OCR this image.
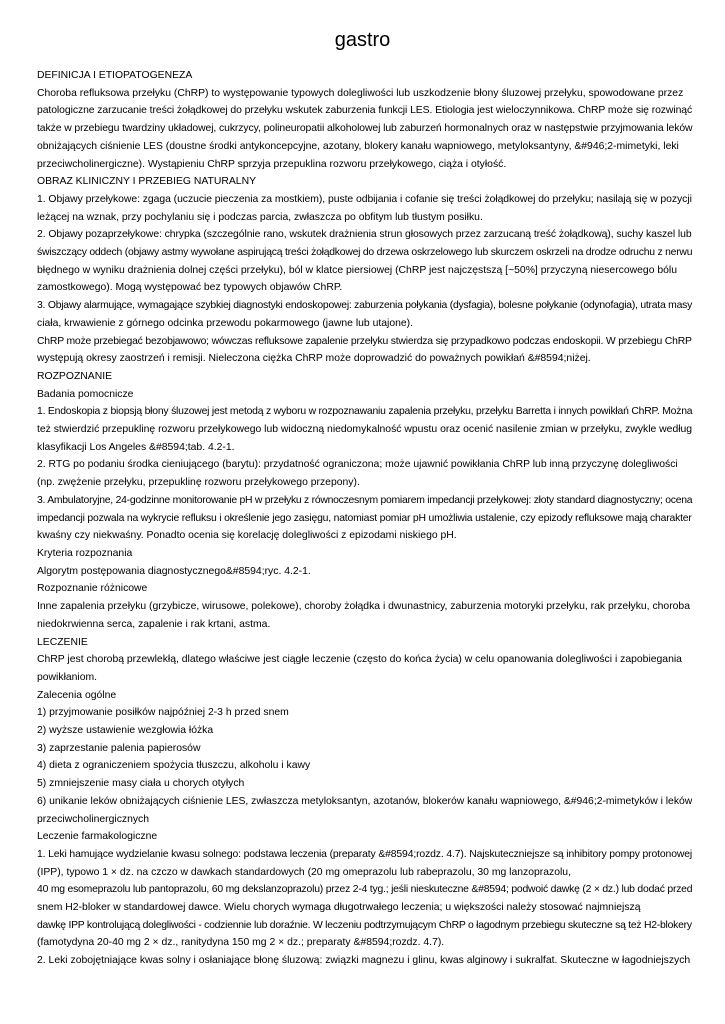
gastro

DEFINICJA I ETIOPATOGENEZA

Choroba refluksowa przełyku (ChRP) to występowanie typowych dolegliwości lub uszkodzenie błony śluzowej przełyku, spowodowane przez

patologiczne zarzucanie treści żołądkowej do przełyku wskutek zaburzenia funkcji LES. Etiologia jest wieloczynnikowa. ChRP może się rozwinąć

także w przebiegu twardziny układowej, cukrzycy, polineuropatii alkoholowej lub zaburzeń hormonalnych oraz w następstwie przyjmowania leków

obniżających ciśnienie LES (doustne środki antykoncepcyjne, azotany, blokery kanału wapniowego, metyloksantyny, &#946;2-mimetyki, leki

przeciwcholinergiczne). Wystąpieniu ChRP sprzyja przepuklina rozworu przełykowego, ciąża i otyłość.

OBRAZ KLINICZNY I PRZEBIEG NATURALNY

1. Objawy przełykowe: zgaga (uczucie pieczenia za mostkiem), puste odbijania i cofanie się treści żołądkowej do przełyku; nasilają się w pozycji

leżącej na wznak, przy pochylaniu się i podczas parcia, zwłaszcza po obfitym lub tłustym posiłku.

2. Objawy pozaprzełykowe: chrypka (szczególnie rano, wskutek drażnienia strun głosowych przez zarzucaną treść żołądkową), suchy kaszel lub

świszczący oddech (objawy astmy wywołane aspirującą treści żołądkowej do drzewa oskrzelowego lub skurczem oskrzeli na drodze odruchu z nerwu

błędnego w wyniku drażnienia dolnej części przełyku), ból w klatce piersiowej (ChRP jest najczęstszą [~50%] przyczyną niesercowego bólu

zamostkowego). Mogą występować bez typowych objawów ChRP.

3. Objawy alarmujące, wymagające szybkiej diagnostyki endoskopowej: zaburzenia połykania (dysfagia), bolesne połykanie (odynofagia), utrata masy

ciała, krwawienie z górnego odcinka przewodu pokarmowego (jawne lub utajone).

ChRP może przebiegać bezobjawowo; wówczas refluksowe zapalenie przełyku stwierdza się przypadkowo podczas endoskopii. W przebiegu ChRP

występują okresy zaostrzeń i remisji. Nieleczona ciężka ChRP może doprowadzić do poważnych powikłań &#8594;niżej.

ROZPOZNANIE

Badania pomocnicze

1. Endoskopia z biopsją błony śluzowej jest metodą z wyboru w rozpoznawaniu zapalenia przełyku, przełyku Barretta i innych powikłań ChRP. Można

też stwierdzić przepuklinę rozworu przełykowego lub widoczną niedomykalność wpustu oraz ocenić nasilenie zmian w przełyku, zwykle według

klasyfikacji Los Angeles &#8594;tab. 4.2-1.

2. RTG po podaniu środka cieniującego (barytu): przydatność ograniczona; może ujawnić powikłania ChRP lub inną przyczynę dolegliwości

(np. zwężenie przełyku, przepuklinę rozworu przełykowego przepony).

3. Ambulatoryjne, 24-godzinne monitorowanie pH w przełyku z równoczesnym pomiarem impedancji przełykowej: złoty standard diagnostyczny; ocena

impedancji pozwala na wykrycie refluksu i określenie jego zasięgu, natomiast pomiar pH umożliwia ustalenie, czy epizody refluksowe mają charakter

kwaśny czy niekwaśny. Ponadto ocenia się korelację dolegliwości z epizodami niskiego pH.

Kryteria rozpoznania

Algorytm postępowania diagnostycznego&#8594;ryc. 4.2-1.

Rozpoznanie różnicowe

Inne zapalenia przełyku (grzybicze, wirusowe, polekowe), choroby żołądka i dwunastnicy, zaburzenia motoryki przełyku, rak przełyku, choroba

niedokrwienna serca, zapalenie i rak krtani, astma.

LECZENIE

ChRP jest chorobą przewlekłą, dlatego właściwe jest ciągłe leczenie (często do końca życia) w celu opanowania dolegliwości i zapobiegania

powikłaniom.

Zalecenia ogólne

1) przyjmowanie posiłków najpóźniej 2-3 h przed snem

2) wyższe ustawienie wezgłowia łóżka

3) zaprzestanie palenia papierosów

4) dieta z ograniczeniem spożycia tłuszczu, alkoholu i kawy

5) zmniejszenie masy ciała u chorych otyłych

6) unikanie leków obniżających ciśnienie LES, zwłaszcza metyloksantyn, azotanów, blokerów kanału wapniowego, &#946;2-mimetyków i leków

przeciwcholinergicznych

Leczenie farmakologiczne

1. Leki hamujące wydzielanie kwasu solnego: podstawa leczenia (preparaty &#8594;rozdz. 4.7). Najskuteczniejsze są inhibitory pompy protonowej

(IPP), typowo 1 × dz. na czczo w dawkach standardowych (20 mg omeprazolu lub rabeprazolu, 30 mg lanzoprazolu,

40 mg esomeprazolu lub pantoprazolu, 60 mg dekslanzoprazolu) przez 2-4 tyg.; jeśli nieskuteczne &#8594; podwoić dawkę (2 × dz.) lub dodać przed

snem H2-bloker w standardowej dawce. Wielu chorych wymaga długotrwałego leczenia; u większości należy stosować najmniejszą

dawkę IPP kontrolującą dolegliwości - codziennie lub doraźnie. W leczeniu podtrzymującym ChRP o łagodnym przebiegu skuteczne są też H2-blokery

(famotydyna 20-40 mg 2 × dz., ranitydyna 150 mg 2 × dz.; preparaty &#8594;rozdz. 4.7).

2. Leki zobojętniające kwas solny i osłaniające błonę śluzową: związki magnezu i glinu, kwas alginowy i sukralfat. Skuteczne w łagodniejszych
